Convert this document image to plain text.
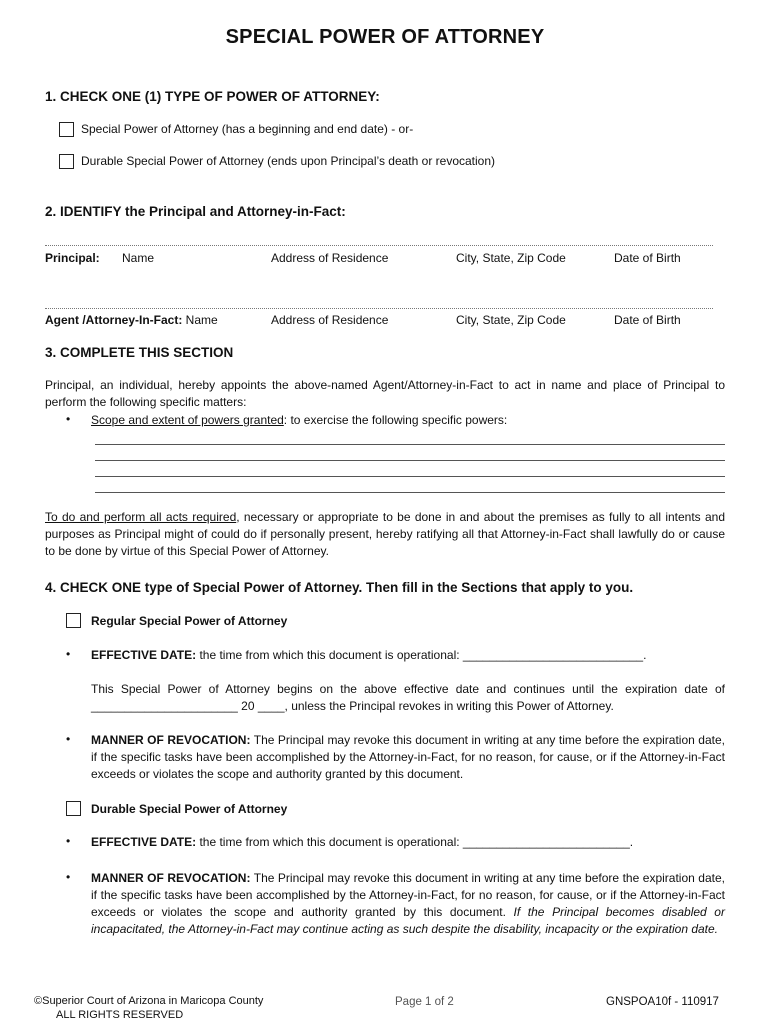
SPECIAL POWER OF ATTORNEY
1. CHECK ONE (1) TYPE OF POWER OF ATTORNEY:
Special Power of Attorney (has a beginning and end date) - or-
Durable Special Power of Attorney (ends upon Principal’s death or revocation)
2. IDENTIFY the Principal and Attorney-in-Fact:
Principal: Name	Address of Residence	City, State, Zip Code	Date of Birth
Agent /Attorney-In-Fact: Name	Address of Residence	City, State, Zip Code	Date of Birth
3. COMPLETE THIS SECTION
Principal, an individual, hereby appoints the above-named Agent/Attorney-in-Fact to act in name and place of Principal to perform the following specific matters:
• Scope and extent of powers granted: to exercise the following specific powers:
To do and perform all acts required, necessary or appropriate to be done in and about the premises as fully to all intents and purposes as Principal might of could do if personally present, hereby ratifying all that Attorney-in-Fact shall lawfully do or cause to be done by virtue of this Special Power of Attorney.
4. CHECK ONE type of Special Power of Attorney. Then fill in the Sections that apply to you.
Regular Special Power of Attorney
• EFFECTIVE DATE: the time from which this document is operational: ___________________________.
This Special Power of Attorney begins on the above effective date and continues until the expiration date of ______________________ 20 ____, unless the Principal revokes in writing this Power of Attorney.
• MANNER OF REVOCATION: The Principal may revoke this document in writing at any time before the expiration date, if the specific tasks have been accomplished by the Attorney-in-Fact, for no reason, for cause, or if the Attorney-in-Fact exceeds or violates the scope and authority granted by this document.
Durable Special Power of Attorney
• EFFECTIVE DATE: the time from which this document is operational: _________________________.
• MANNER OF REVOCATION: The Principal may revoke this document in writing at any time before the expiration date, if the specific tasks have been accomplished by the Attorney-in-Fact, for no reason, for cause, or if the Attorney-in-Fact exceeds or violates the scope and authority granted by this document. If the Principal becomes disabled or incapacitated, the Attorney-in-Fact may continue acting as such despite the disability, incapacity or the expiration date.
©Superior Court of Arizona in Maricopa County
ALL RIGHTS RESERVED
Page 1 of 2	GNSPOA10f - 110917
